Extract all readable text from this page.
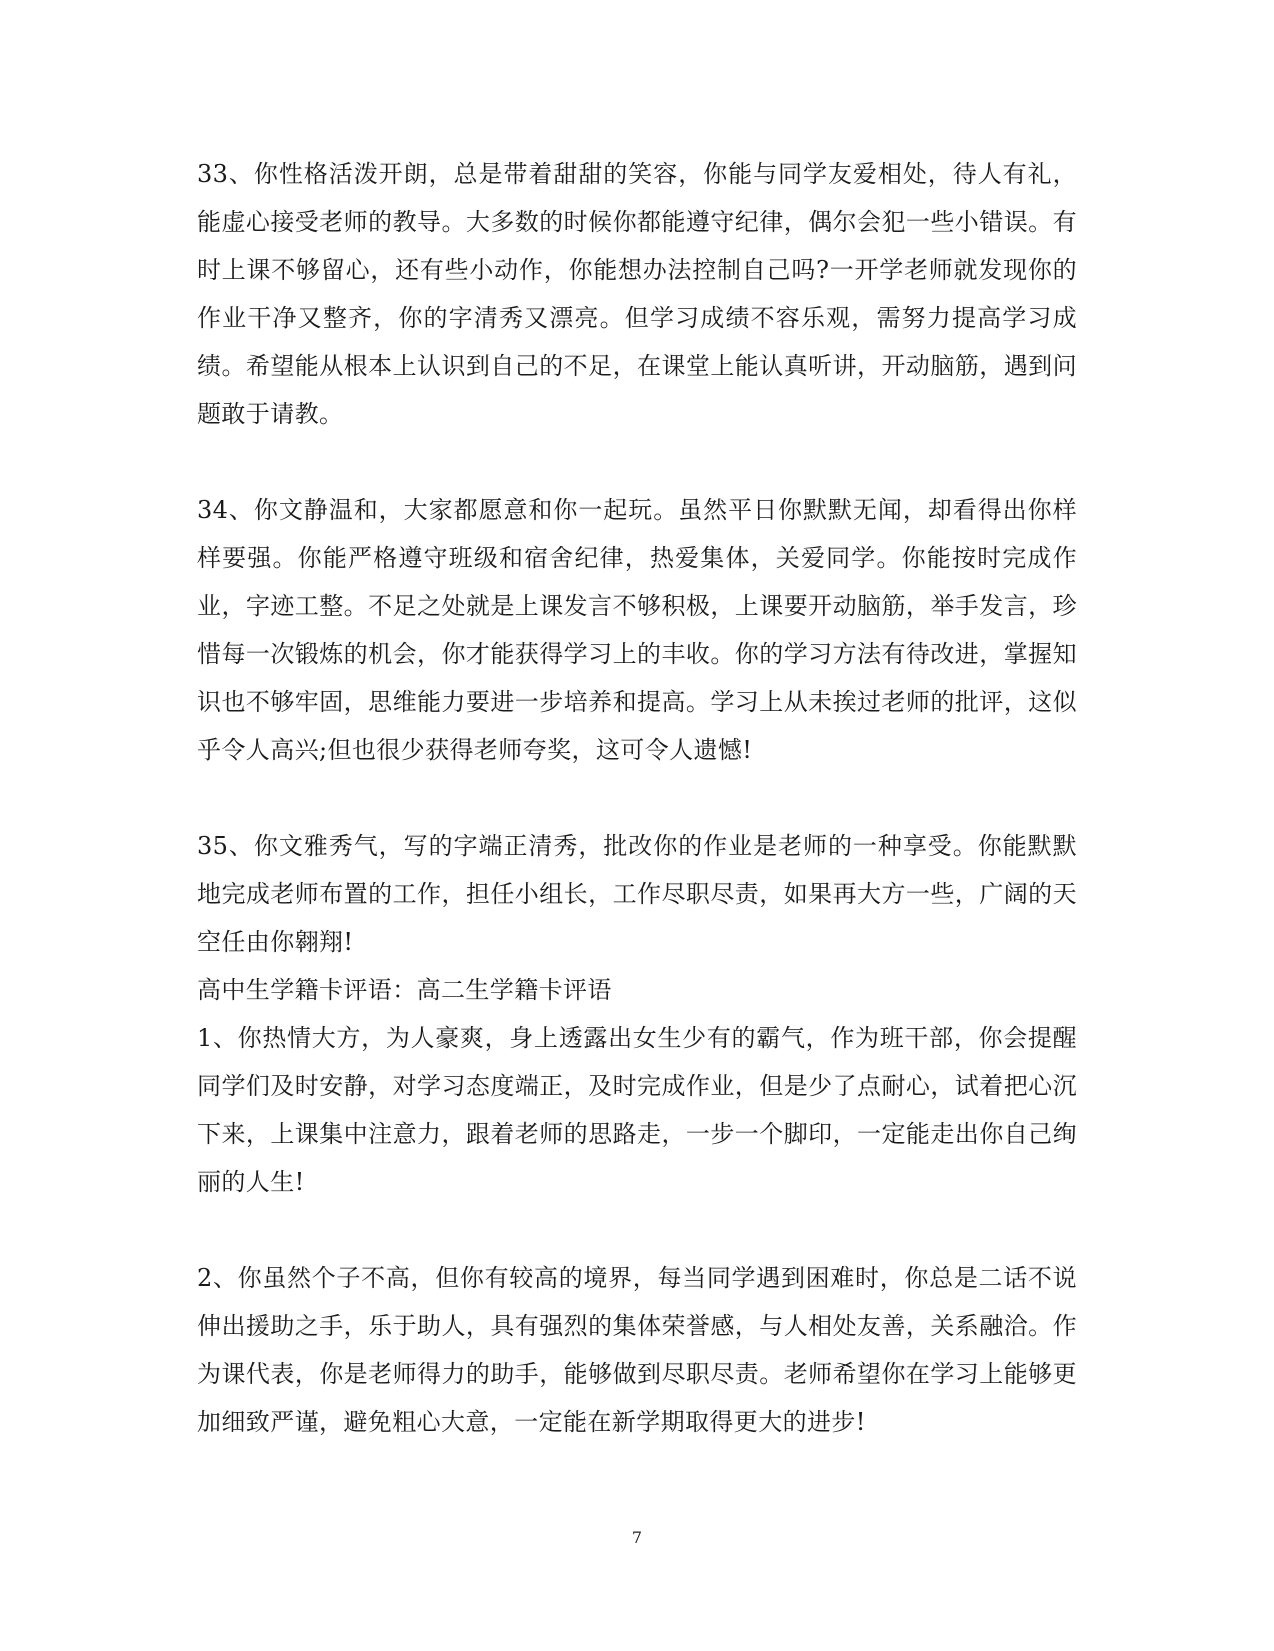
33、你性格活泼开朗，总是带着甜甜的笑容，你能与同学友爱相处，待人有礼，能虚心接受老师的教导。大多数的时候你都能遵守纪律，偶尔会犯一些小错误。有时上课不够留心，还有些小动作，你能想办法控制自己吗?一开学老师就发现你的作业干净又整齐，你的字清秀又漂亮。但学习成绩不容乐观，需努力提高学习成绩。希望能从根本上认识到自己的不足，在课堂上能认真听讲，开动脑筋，遇到问题敢于请教。

34、你文静温和，大家都愿意和你一起玩。虽然平日你默默无闻，却看得出你样样要强。你能严格遵守班级和宿舍纪律，热爱集体，关爱同学。你能按时完成作业，字迹工整。不足之处就是上课发言不够积极，上课要开动脑筋，举手发言，珍惜每一次锻炼的机会，你才能获得学习上的丰收。你的学习方法有待改进，掌握知识也不够牢固，思维能力要进一步培养和提高。学习上从未挨过老师的批评，这似乎令人高兴;但也很少获得老师夸奖，这可令人遗憾!

35、你文雅秀气，写的字端正清秀，批改你的作业是老师的一种享受。你能默默地完成老师布置的工作，担任小组长，工作尽职尽责，如果再大方一些，广阔的天空任由你翱翔!

高中生学籍卡评语：高二生学籍卡评语

1、你热情大方，为人豪爽，身上透露出女生少有的霸气，作为班干部，你会提醒同学们及时安静，对学习态度端正，及时完成作业，但是少了点耐心，试着把心沉下来，上课集中注意力，跟着老师的思路走，一步一个脚印，一定能走出你自己绚丽的人生!

2、你虽然个子不高，但你有较高的境界，每当同学遇到困难时，你总是二话不说伸出援助之手，乐于助人，具有强烈的集体荣誉感，与人相处友善，关系融洽。作为课代表，你是老师得力的助手，能够做到尽职尽责。老师希望你在学习上能够更加细致严谨，避免粗心大意，一定能在新学期取得更大的进步!

7
